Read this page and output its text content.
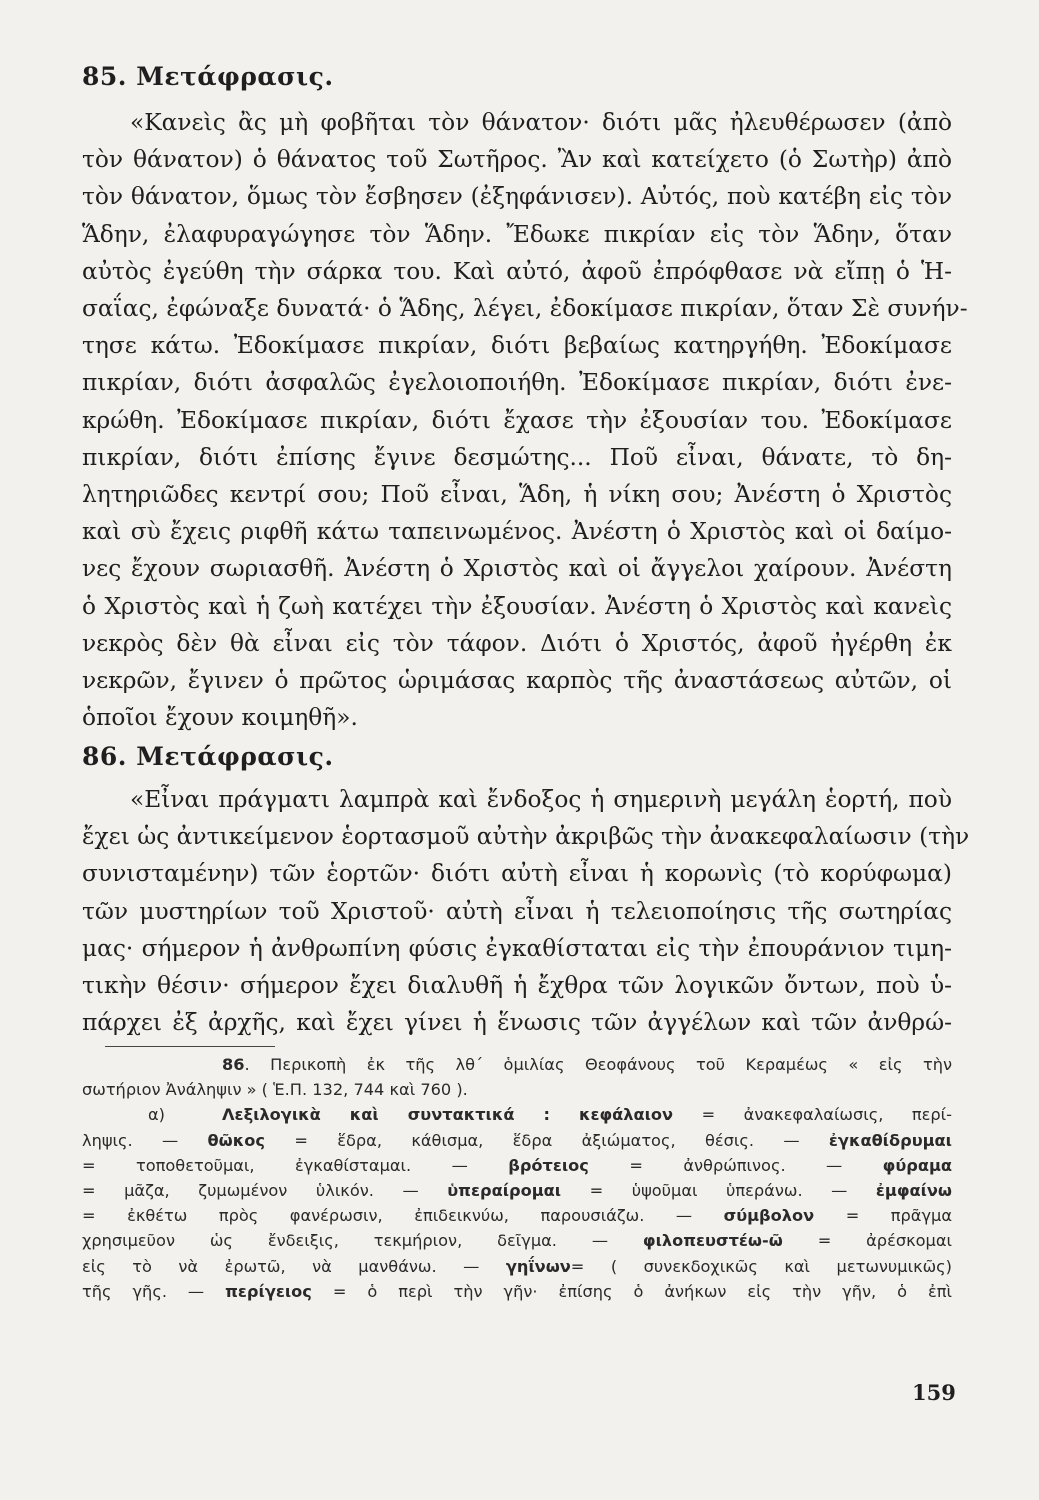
85. Μετάφρασις.

«Κανεὶς ἂς μὴ φοβῆται τὸν θάνατον· διότι μᾶς ἠλευθέρωσεν (ἀπὸ
τὸν θάνατον) ὁ θάνατος τοῦ Σωτῆρος. Ἂν καὶ κατείχετο (ὁ Σωτὴρ) ἀπὸ
τὸν θάνατον, ὅμως τὸν ἔσβησεν (ἐξηφάνισεν). Αὐτός, ποὺ κατέβη εἰς τὸν
Ἅδην, ἐλαφυραγώγησε τὸν Ἅδην. Ἔδωκε πικρίαν εἰς τὸν Ἅδην, ὅταν
αὐτὸς ἐγεύθη τὴν σάρκα του. Καὶ αὐτό, ἀφοῦ ἐπρόφθασε νὰ εἴπῃ ὁ Ἡ-
σαΐας, ἐφώναξε δυνατά· ὁ Ἅδης, λέγει, ἐδοκίμασε πικρίαν, ὅταν Σὲ συνήν-
τησε κάτω. Ἐδοκίμασε πικρίαν, διότι βεβαίως κατηργήθη. Ἐδοκίμασε
πικρίαν, διότι ἀσφαλῶς ἐγελοιοποιήθη. Ἐδοκίμασε πικρίαν, διότι ἐνε-
κρώθη. Ἐδοκίμασε πικρίαν, διότι ἔχασε τὴν ἐξουσίαν του. Ἐδοκίμασε
πικρίαν, διότι ἐπίσης ἔγινε δεσμώτης... Ποῦ εἶναι, θάνατε, τὸ δη-
λητηριῶδες κεντρί σου; Ποῦ εἶναι, Ἅδη, ἡ νίκη σου; Ἀνέστη ὁ Χριστὸς
καὶ σὺ ἔχεις ριφθῆ κάτω ταπεινωμένος. Ἀνέστη ὁ Χριστὸς καὶ οἱ δαίμο-
νες ἔχουν σωριασθῆ. Ἀνέστη ὁ Χριστὸς καὶ οἱ ἄγγελοι χαίρουν. Ἀνέστη
ὁ Χριστὸς καὶ ἡ ζωὴ κατέχει τὴν ἐξουσίαν. Ἀνέστη ὁ Χριστὸς καὶ κανεὶς
νεκρὸς δὲν θὰ εἶναι εἰς τὸν τάφον. Διότι ὁ Χριστός, ἀφοῦ ἠγέρθη ἐκ
νεκρῶν, ἔγινεν ὁ πρῶτος ὡριμάσας καρπὸς τῆς ἀναστάσεως αὐτῶν, οἱ
ὁποῖοι ἔχουν κοιμηθῆ».

86. Μετάφρασις.

«Εἶναι πράγματι λαμπρὰ καὶ ἔνδοξος ἡ σημερινὴ μεγάλη ἑορτή, ποὺ
ἔχει ὡς ἀντικείμενον ἑορτασμοῦ αὐτὴν ἀκριβῶς τὴν ἀνακεφαλαίωσιν (τὴν
συνισταμένην) τῶν ἑορτῶν· διότι αὐτὴ εἶναι ἡ κορωνὶς (τὸ κορύφωμα)
τῶν μυστηρίων τοῦ Χριστοῦ· αὐτὴ εἶναι ἡ τελειοποίησις τῆς σωτηρίας
μας· σήμερον ἡ ἀνθρωπίνη φύσις ἐγκαθίσταται εἰς τὴν ἐπουράνιον τιμη-
τικὴν θέσιν· σήμερον ἔχει διαλυθῆ ἡ ἔχθρα τῶν λογικῶν ὄντων, ποὺ ὑ-
πάρχει ἐξ ἀρχῆς, καὶ ἔχει γίνει ἡ ἕνωσις τῶν ἀγγέλων καὶ τῶν ἀνθρώ-

86. Περικοπὴ ἐκ τῆς λθ΄ ὁμιλίας Θεοφάνους τοῦ Κεραμέως « εἰς τὴν
σωτήριον Ἀνάληψιν » ( Ἑ.Π. 132, 744 καὶ 760 ).
α)	Λεξιλογικὰ καὶ συντακτικά : κεφάλαιον = ἀνακεφαλαίωσις, περί-
ληψις. — θῶκος = ἕδρα, κάθισμα, ἕδρα ἀξιώματος, θέσις. — ἐγκαθίδρυμαι
= τοποθετοῦμαι, ἐγκαθίσταμαι. — βρότειος = ἀνθρώπινος. — φύραμα
= μᾶζα, ζυμωμένον ὑλικόν. — ὑπεραίρομαι = ὑψοῦμαι ὑπεράνω. — ἐμφαίνω
= ἐκθέτω πρὸς φανέρωσιν, ἐπιδεικνύω, παρουσιάζω. — σύμβολον = πρᾶγμα
χρησιμεῦον ὡς ἔνδειξις, τεκμήριον, δεῖγμα. — φιλοπευστέω-ῶ = ἀρέσκομαι
εἰς τὸ νὰ ἐρωτῶ, νὰ μανθάνω. — γηΐνων= ( συνεκδοχικῶς καὶ μετωνυμικῶς)
τῆς γῆς. — περίγειος = ὁ περὶ τὴν γῆν· ἐπίσης ὁ ἀνήκων εἰς τὴν γῆν, ὁ ἐπὶ
159
